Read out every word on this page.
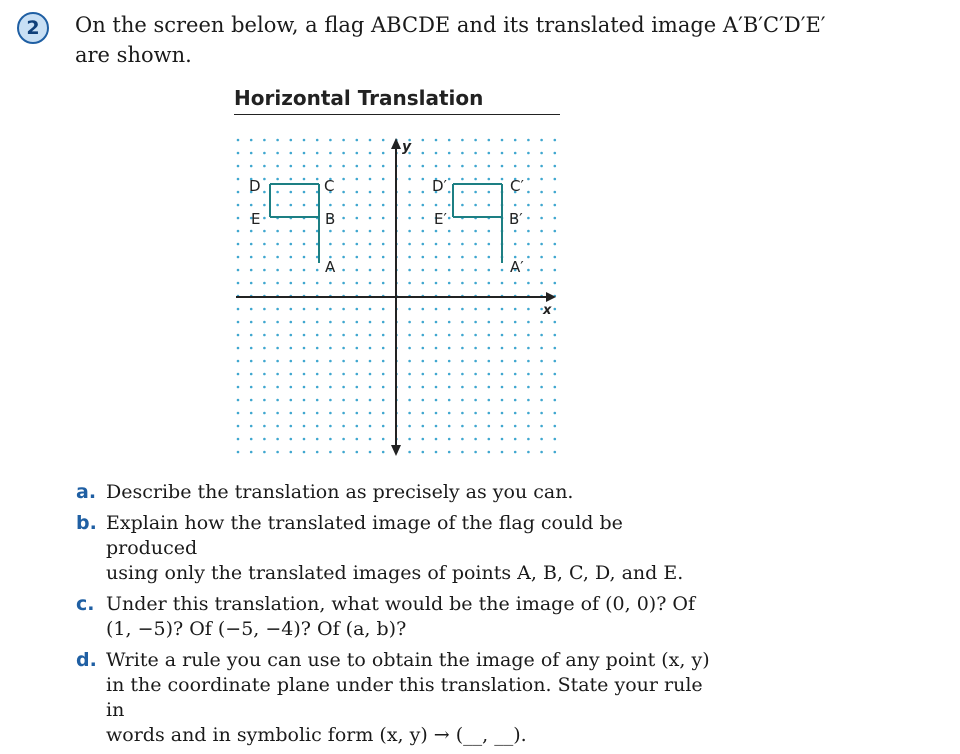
2 On the screen below, a flag ABCDE and its translated image A′B′C′D′E′
are shown.
Horizontal Translation
x
y
D	C
E	B
A
D′	C′
E′	B′
A′
a. Describe the translation as precisely as you can.
b. Explain how the translated image of the flag could be produced
using only the translated images of points A, B, C, D, and E.
c. Under this translation, what would be the image of (0, 0)? Of
(1, −5)? Of (−5, −4)? Of (a, b)?
d. Write a rule you can use to obtain the image of any point (x, y)
in the coordinate plane under this translation. State your rule in
words and in symbolic form (x, y) → (__, __).
